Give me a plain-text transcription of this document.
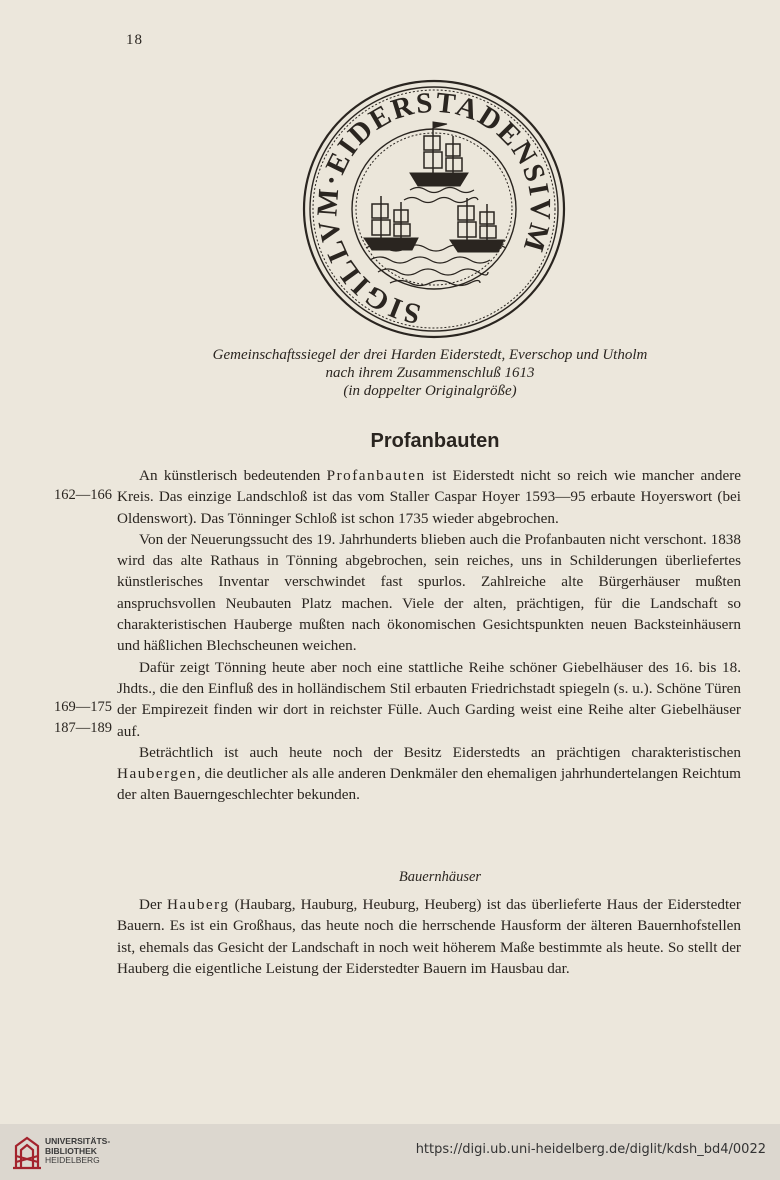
18
SIGILLVM·EIDERSTADENSIVM
Gemeinschaftssiegel der drei Harden Eiderstedt, Everschop und Utholm
nach ihrem Zusammenschluß 1613
(in doppelter Originalgröße)
Profanbauten
162—166
169—175
187—189

An künstlerisch bedeutenden Profanbauten ist Eiderstedt nicht so reich wie mancher andere Kreis. Das einzige Landschloß ist das vom Staller Caspar Hoyer 1593—95 erbaute Hoyerswort (bei Oldenswort). Das Tönninger Schloß ist schon 1735 wieder abgebrochen.

Von der Neuerungssucht des 19. Jahrhunderts blieben auch die Profanbauten nicht verschont. 1838 wird das alte Rathaus in Tönning abgebrochen, sein reiches, uns in Schilderungen überliefertes künstlerisches Inventar verschwindet fast spurlos. Zahlreiche alte Bürgerhäuser mußten anspruchsvollen Neubauten Platz machen. Viele der alten, prächtigen, für die Landschaft so charakteristischen Hauberge mußten nach ökonomischen Gesichtspunkten neuen Backsteinhäusern und häßlichen Blechscheunen weichen.

Dafür zeigt Tönning heute aber noch eine stattliche Reihe schöner Giebelhäuser des 16. bis 18. Jhdts., die den Einfluß des in holländischem Stil erbauten Friedrichstadt spiegeln (s. u.). Schöne Türen der Empirezeit finden wir dort in reichster Fülle. Auch Garding weist eine Reihe alter Giebelhäuser auf.

Beträchtlich ist auch heute noch der Besitz Eiderstedts an prächtigen charakteristischen Haubergen, die deutlicher als alle anderen Denkmäler den ehemaligen jahrhundertelangen Reichtum der alten Bauerngeschlechter bekunden.

Bauernhäuser

Der Hauberg (Haubarg, Hauburg, Heuburg, Heuberg) ist das überlieferte Haus der Eiderstedter Bauern. Es ist ein Großhaus, das heute noch die herrschende Hausform der älteren Bauernhofstellen ist, ehemals das Gesicht der Landschaft in noch weit höherem Maße bestimmte als heute. So stellt der Hauberg die eigentliche Leistung der Eiderstedter Bauern im Hausbau dar.

UNIVERSITÄTS-
BIBLIOTHEK
HEIDELBERG
https://digi.ub.uni-heidelberg.de/diglit/kdsh_bd4/0022
